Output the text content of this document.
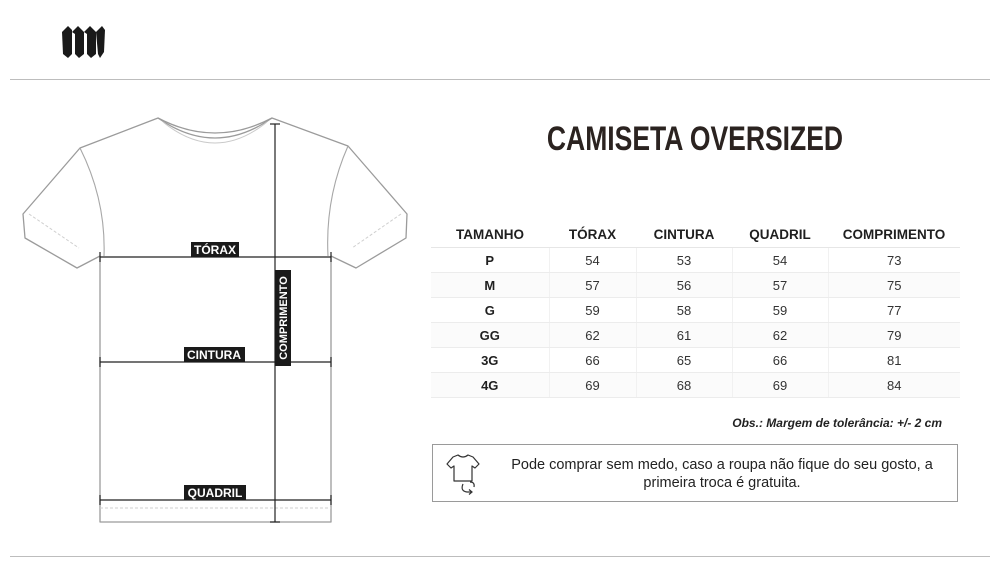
TÓRAX
CINTURA
QUADRIL
COMPRIMENTO
CAMISETA OVERSIZED
TAMANHO	TÓRAX	CINTURA	QUADRIL	COMPRIMENTO
P	54	53	54	73
M	57	56	57	75
G	59	58	59	77
GG	62	61	62	79
3G	66	65	66	81
4G	69	68	69	84
Obs.: Margem de tolerância: +/- 2 cm
Pode comprar sem medo, caso a roupa não fique do seu gosto, a primeira troca é gratuita.
